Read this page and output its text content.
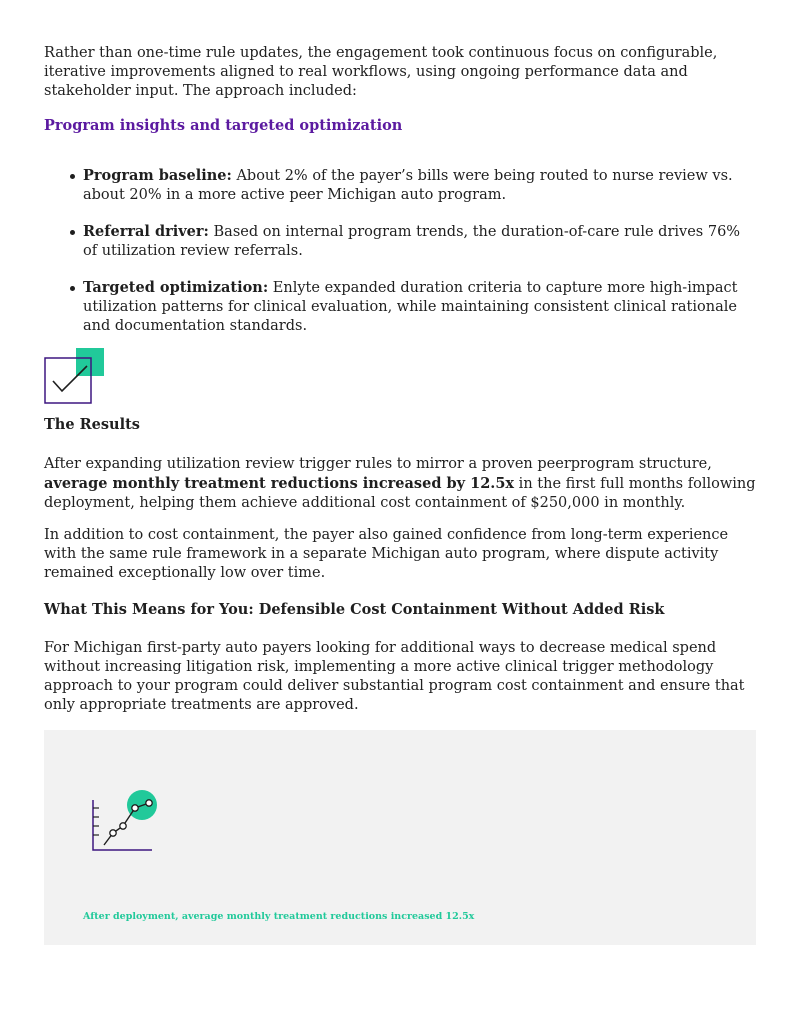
Rather than one-time rule updates, the engagement took continuous focus on configurable, iterative improvements aligned to real workflows, using ongoing performance data and stakeholder input. The approach included:

Program insights and targeted optimization
Program baseline: About 2% of the payer’s bills were being routed to nurse review vs. about 20% in a more active peer Michigan auto program.
Referral driver: Based on internal program trends, the duration-of-care rule drives 76% of utilization review referrals.
Targeted optimization: Enlyte expanded duration criteria to capture more high-impact utilization patterns for clinical evaluation, while maintaining consistent clinical rationale and documentation standards.
The Results

After expanding utilization review trigger rules to mirror a proven peerprogram structure, average monthly treatment reductions increased by 12.5x in the first full months following deployment, helping them achieve additional cost containment of $250,000 in monthly.

In addition to cost containment, the payer also gained confidence from long-term experience with the same rule framework in a separate Michigan auto program, where dispute activity remained exceptionally low over time.

What This Means for You: Defensible Cost Containment Without Added Risk

For Michigan first-party auto payers looking for additional ways to decrease medical spend without increasing litigation risk, implementing a more active clinical trigger methodology approach to your program could deliver substantial program cost containment and ensure that only appropriate treatments are approved.

After deployment, average monthly treatment reductions increased 12.5x
